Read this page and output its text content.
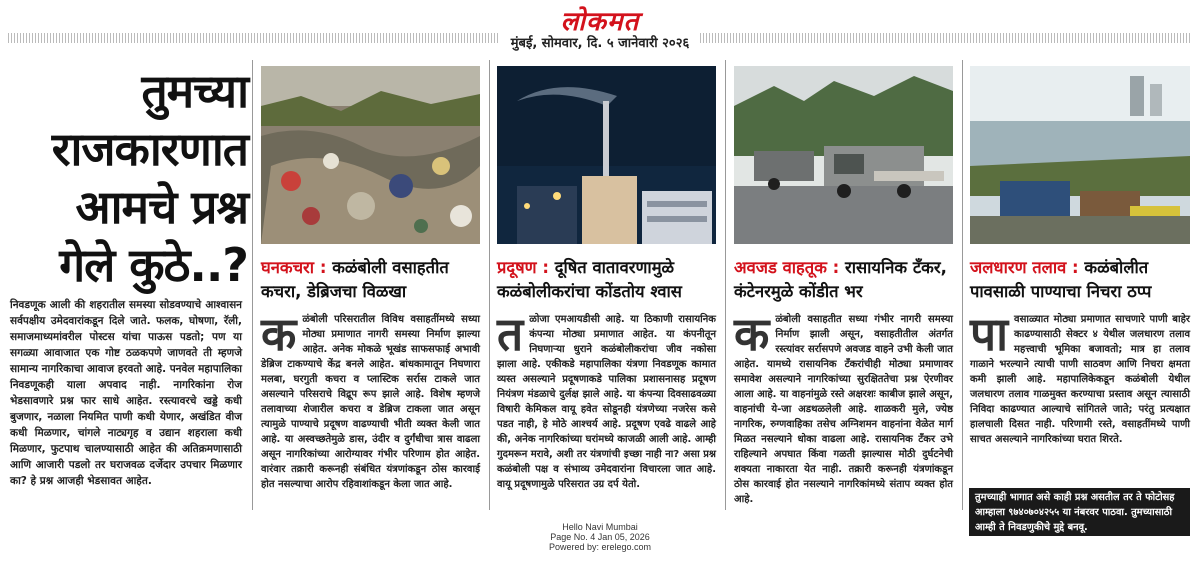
लोकमत
मुंबई, सोमवार, दि. ५ जानेवारी २०२६
तुमच्या राजकारणात आमचे प्रश्न गेले कुठे..?
निवडणूक आली की शहरातील समस्या सोडवण्याचे आश्वासन सर्वपक्षीय उमेदवारांकडून दिले जाते. फलक, घोषणा, रॅली, समाजमाध्यमांवरील पोस्टस यांचा पाऊस पडतो; पण या सगळ्या आवाजात एक गोष्ट ठळकपणे जाणवते ती म्हणजे सामान्य नागरिकाचा आवाज हरवतो आहे. पनवेल महापालिका निवडणूकही याला अपवाद नाही. नागरिकांना रोज भेडसावणारे प्रश्न फार साधे आहेत. रस्त्यावरचे खड्डे कधी बुजणार, नळाला नियमित पाणी कधी येणार, अखंडित वीज कधी मिळणार, चांगले नाट्यगृह व उद्यान शहराला कधी मिळणार, फुटपाथ चालण्यासाठी आहेत की अतिक्रमणासाठी आणि आजारी पडलो तर घराजवळ दर्जेदार उपचार मिळणार का? हे प्रश्न आजही भेडसावत आहेत.
घनकचरा : कळंबोली वसाहतीत कचरा, डेब्रिजचा विळखा
क ळंबोली परिसरातील विविध वसाहतींमध्ये सध्या मोठ्या प्रमाणात नागरी समस्या निर्माण झाल्या आहेत. अनेक मोकळे भूखंड साफसफाई अभावी डेब्रिज टाकण्याचे केंद्र बनले आहेत. बांधकामातून निघणारा मलबा, घरगुती कचरा व प्लास्टिक सर्रास टाकले जात असल्याने परिसराचे विद्रूप रूप झाले आहे. विशेष म्हणजे तलावाच्या शेजारील कचरा व डेब्रिज टाकला जात असून त्यामुळे पाण्याचे प्रदूषण वाढण्याची भीती व्यक्त केली जात आहे. या अस्वच्छतेमुळे डास, उंदीर व दुर्गंधीचा त्रास वाढला असून नागरिकांच्या आरोग्यावर गंभीर परिणाम होत आहेत. वारंवार तक्रारी करूनही संबंधित यंत्रणांकडून ठोस कारवाई होत नसल्याचा आरोप रहिवाशांकडून केला जात आहे.
प्रदूषण : दूषित वातावरणामुळे कळंबोलीकरांचा कोंडतोय श्वास
त ळोजा एमआयडीसी आहे. या ठिकाणी रासायनिक कंपन्या मोठ्या प्रमाणात आहेत. या कंपनीतून निघणाऱ्या धुराने कळंबोलीकरांचा जीव नकोसा झाला आहे. एकीकडे महापालिका यंत्रणा निवडणूक कामात व्यस्त असल्याने प्रदूषणाकडे पालिका प्रशासनासह प्रदूषण नियंत्रण मंडळाचे दुर्लक्ष झाले आहे. या कंपन्या दिवसाढवळ्या विषारी केमिकल वायू हवेत सोडूनही यंत्रणेच्या नजरेस कसे पडत नाही, हे मोठे आश्चर्य आहे. प्रदूषण एवढे वाढले आहे की, अनेक नागरिकांच्या घरांमध्ये काजळी आली आहे. आम्ही गुदमरून मरावे, अशी तर यंत्रणांची इच्छा नाही ना? असा प्रश्न कळंबोली पक्ष व संभाव्य उमेदवारांना विचारला जात आहे. वायू प्रदूषणामुळे परिसरात उग्र दर्प येतो.
अवजड वाहतूक : रासायनिक टँकर, कंटेनरमुळे कोंडीत भर
क ळंबोली वसाहतीत सध्या गंभीर नागरी समस्या निर्माण झाली असून, वसाहतीतील अंतर्गत रस्त्यांवर सर्रासपणे अवजड वाहने उभी केली जात आहेत. यामध्ये रासायनिक टँकरांचीही मोठ्या प्रमाणावर समावेश असल्याने नागरिकांच्या सुरक्षिततेचा प्रश्न ऐरणीवर आला आहे. या वाहनांमुळे रस्ते अक्षरशः काबीज झाले असून, वाहनांची ये-जा अडथळलेली आहे. शाळकरी मुले, ज्येष्ठ नागरिक, रुग्णवाहिका तसेच अग्निशमन वाहनांना वेळेत मार्ग मिळत नसल्याने धोका वाढला आहे. रासायनिक टँकर उभे राहिल्याने अपघात किंवा गळती झाल्यास मोठी दुर्घटनेची शक्यता नाकारता येत नाही. तक्रारी करूनही यंत्रणांकडून ठोस कारवाई होत नसल्याने नागरिकांमध्ये संताप व्यक्त होत आहे.
जलधारण तलाव : कळंबोलीत पावसाळी पाण्याचा निचरा ठप्प
पा वसाळ्यात मोठ्या प्रमाणात साचणारे पाणी बाहेर काढण्यासाठी सेक्टर ४ येथील जलधारण तलाव महत्त्वाची भूमिका बजावतो; मात्र हा तलाव गाळाने भरल्याने त्याची पाणी साठवण आणि निचरा क्षमता कमी झाली आहे. महापालिकेकडून कळंबोली येथील जलधारण तलाव गाळमुक्त करण्याचा प्रस्ताव असून त्यासाठी निविदा काढण्यात आल्याचे सांगितले जाते; परंतु प्रत्यक्षात हालचाली दिसत नाही. परिणामी रस्ते, वसाहतींमध्ये पाणी साचत असल्याने नागरिकांच्या घरात शिरते.
तुमच्याही भागात असे काही प्रश्न असतील तर ते फोटोसह आम्हाला ९७४०७०४२५५ या नंबरवर पाठवा. तुमच्यासाठी आम्ही ते निवडणुकीचे मुद्दे बनवू.
Hello Navi Mumbai
Page No. 4 Jan 05, 2026
Powered by: erelego.com
